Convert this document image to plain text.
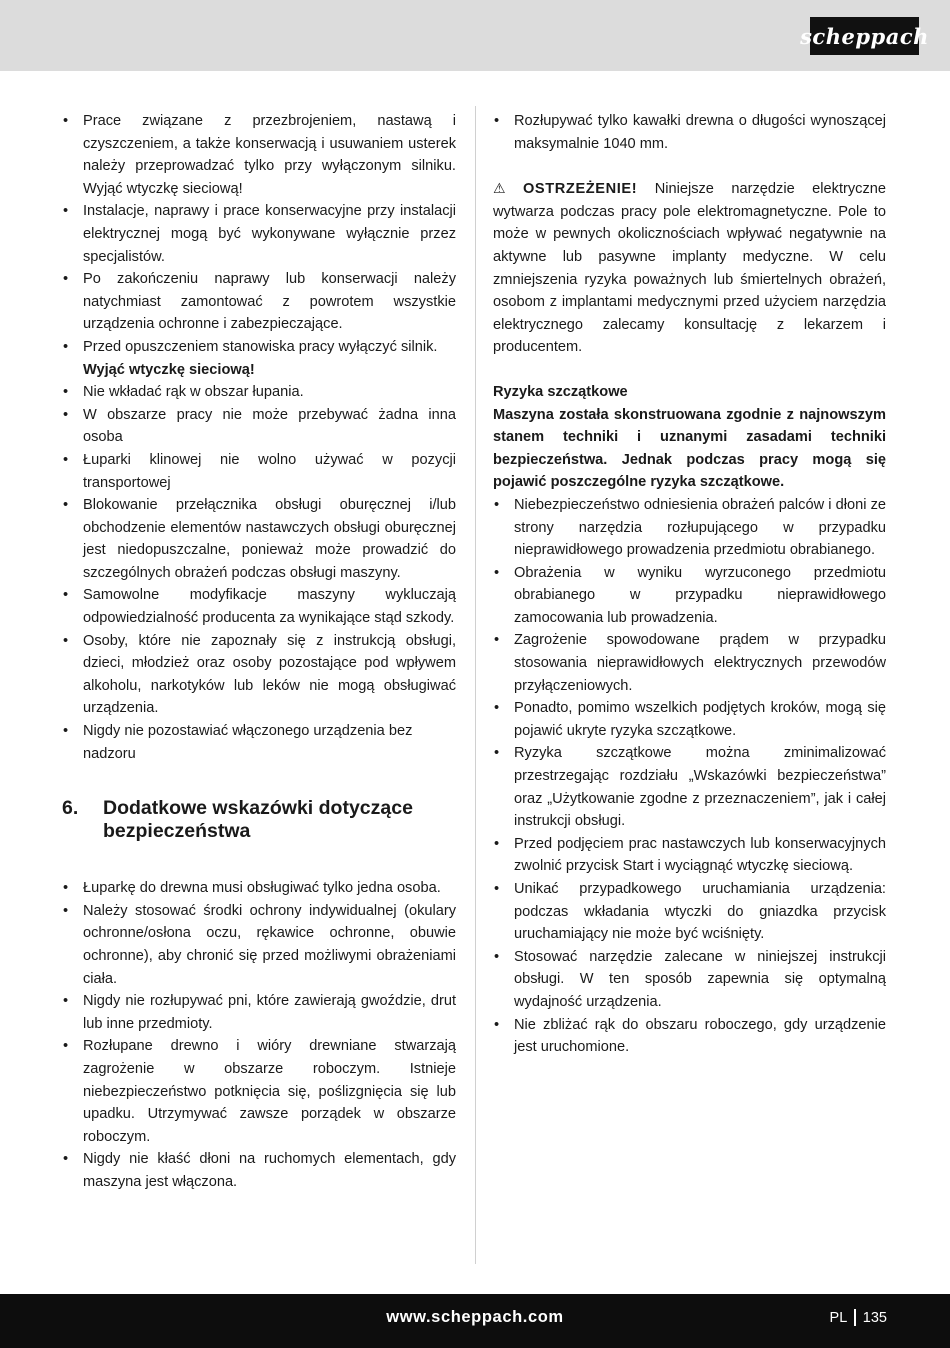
scheppach
• Prace związane z przezbrojeniem, nastawą i czyszczeniem, a także konserwacją i usuwaniem usterek należy przeprowadzać tylko przy wyłączonym silniku. Wyjąć wtyczkę sieciową!
• Instalacje, naprawy i prace konserwacyjne przy instalacji elektrycznej mogą być wykonywane wyłącznie przez specjalistów.
• Po zakończeniu naprawy lub konserwacji należy natychmiast zamontować z powrotem wszystkie urządzenia ochronne i zabezpieczające.
• Przed opuszczeniem stanowiska pracy wyłączyć silnik. Wyjąć wtyczkę sieciową!
• Nie wkładać rąk w obszar łupania.
• W obszarze pracy nie może przebywać żadna inna osoba
• Łuparki klinowej nie wolno używać w pozycji transportowej
• Blokowanie przełącznika obsługi oburęcznej i/lub obchodzenie elementów nastawczych obsługi oburęcznej jest niedopuszczalne, ponieważ może prowadzić do szczególnych obrażeń podczas obsługi maszyny.
• Samowolne modyfikacje maszyny wykluczają odpowiedzialność producenta za wynikające stąd szkody.
• Osoby, które nie zapoznały się z instrukcją obsługi, dzieci, młodzież oraz osoby pozostające pod wpływem alkoholu, narkotyków lub leków nie mogą obsługiwać urządzenia.
• Nigdy nie pozostawiać włączonego urządzenia bez nadzoru
6.	Dodatkowe wskazówki dotyczące bezpieczeństwa
• Łuparkę do drewna musi obsługiwać tylko jedna osoba.
• Należy stosować środki ochrony indywidualnej (okulary ochronne/osłona oczu, rękawice ochronne, obuwie ochronne), aby chronić się przed możliwymi obrażeniami ciała.
• Nigdy nie rozłupywać pni, które zawierają gwoździe, drut lub inne przedmioty.
• Rozłupane drewno i wióry drewniane stwarzają zagrożenie w obszarze roboczym. Istnieje niebezpieczeństwo potknięcia się, poślizgnięcia się lub upadku. Utrzymywać zawsze porządek w obszarze roboczym.
• Nigdy nie kłaść dłoni na ruchomych elementach, gdy maszyna jest włączona.
• Rozłupywać tylko kawałki drewna o długości wynoszącej maksymalnie 1040 mm.

⚠ OSTRZEŻENIE! Niniejsze narzędzie elektryczne wytwarza podczas pracy pole elektromagnetyczne. Pole to może w pewnych okolicznościach wpływać negatywnie na aktywne lub pasywne implanty medyczne. W celu zmniejszenia ryzyka poważnych lub śmiertelnych obrażeń, osobom z implantami medycznymi przed użyciem narzędzia elektrycznego zalecamy konsultację z lekarzem i producentem.

Ryzyka szczątkowe

Maszyna została skonstruowana zgodnie z najnowszym stanem techniki i uznanymi zasadami techniki bezpieczeństwa. Jednak podczas pracy mogą się pojawić poszczególne ryzyka szczątkowe.

• Niebezpieczeństwo odniesienia obrażeń palców i dłoni ze strony narzędzia rozłupującego w przypadku nieprawidłowego prowadzenia przedmiotu obrabianego.
• Obrażenia w wyniku wyrzuconego przedmiotu obrabianego w przypadku nieprawidłowego zamocowania lub prowadzenia.
• Zagrożenie spowodowane prądem w przypadku stosowania nieprawidłowych elektrycznych przewodów przyłączeniowych.
• Ponadto, pomimo wszelkich podjętych kroków, mogą się pojawić ukryte ryzyka szczątkowe.
• Ryzyka szczątkowe można zminimalizować przestrzegając rozdziału „Wskazówki bezpieczeństwa” oraz „Użytkowanie zgodne z przeznaczeniem”, jak i całej instrukcji obsługi.
• Przed podjęciem prac nastawczych lub konserwacyjnych zwolnić przycisk Start i wyciągnąć wtyczkę sieciową.
• Unikać przypadkowego uruchamiania urządzenia: podczas wkładania wtyczki do gniazdka przycisk uruchamiający nie może być wciśnięty.
• Stosować narzędzie zalecane w niniejszej instrukcji obsługi. W ten sposób zapewnia się optymalną wydajność urządzenia.
• Nie zbliżać rąk do obszaru roboczego, gdy urządzenie jest uruchomione.
www.scheppach.com	PL 135
